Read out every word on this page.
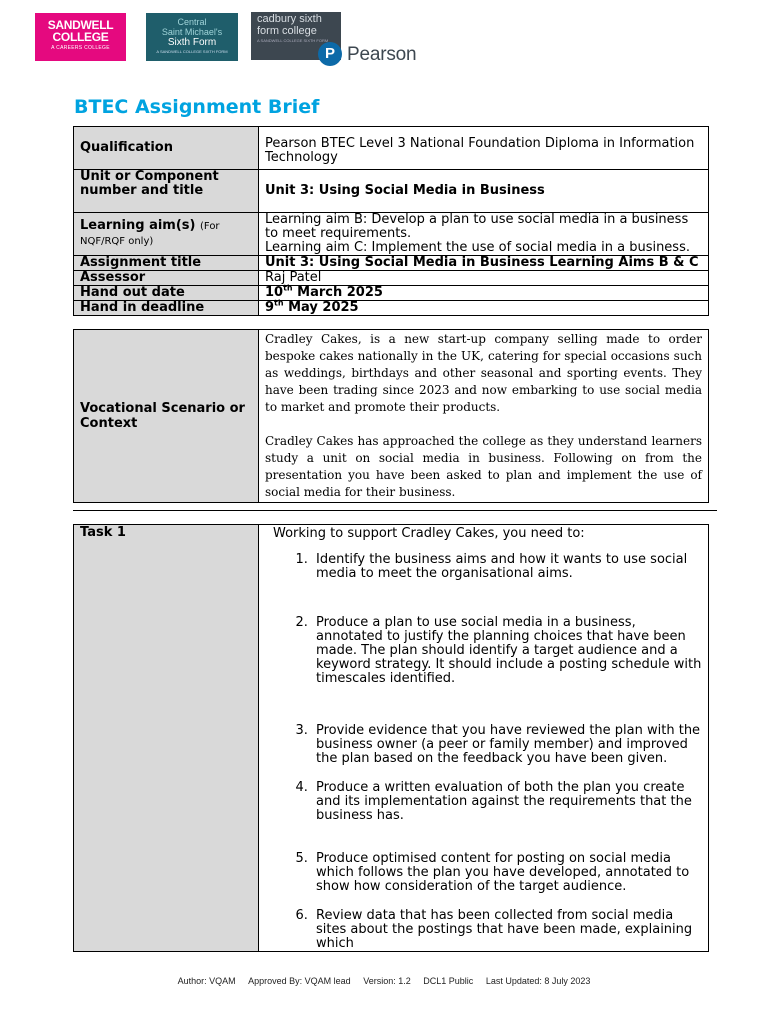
SANDWELL
COLLEGE
A CAREERS COLLEGE
Central
Saint Michael's
Sixth Form
A SANDWELL COLLEGE SIXTH FORM
cadbury sixth
form college
A SANDWELL COLLEGE SIXTH FORM
P Pearson
BTEC Assignment Brief
Qualification	Pearson BTEC Level 3 National Foundation Diploma in Information Technology
Unit or Component number and title	Unit 3: Using Social Media in Business
Learning aim(s) (For NQF/RQF only)	Learning aim B: Develop a plan to use social media in a business to meet requirements.
Learning aim C: Implement the use of social media in a business.

Assignment title	Unit 3: Using Social Media in Business Learning Aims B & C
Assessor	Raj Patel
Hand out date	10th March 2025
Hand in deadline	9th May 2025
Vocational Scenario or Context	
Cradley Cakes, is a new start-up company selling made to order bespoke cakes nationally in the UK, catering for special occasions such as weddings, birthdays and other seasonal and sporting events. They have been trading since 2023 and now embarking to use social media to market and promote their products.
Cradley Cakes has approached the college as they understand learners study a unit on social media in business. Following on from the presentation you have been asked to plan and implement the use of social media for their business.
Task 1	Working to support Cradley Cakes, you need to:
1. Identify the business aims and how it wants to use social media to meet the organisational aims.
2. Produce a plan to use social media in a business, annotated to justify the planning choices that have been made. The plan should identify a target audience and a keyword strategy. It should include a posting schedule with timescales identified.
3. Provide evidence that you have reviewed the plan with the business owner (a peer or family member) and improved the plan based on the feedback you have been given.
4. Produce a written evaluation of both the plan you create and its implementation against the requirements that the business has.
5. Produce optimised content for posting on social media which follows the plan you have developed, annotated to show how consideration of the target audience.
6. Review data that has been collected from social media sites about the postings that have been made, explaining which
Author: VQAM Approved By: VQAM lead Version: 1.2 DCL1 Public Last Updated: 8 July 2023
